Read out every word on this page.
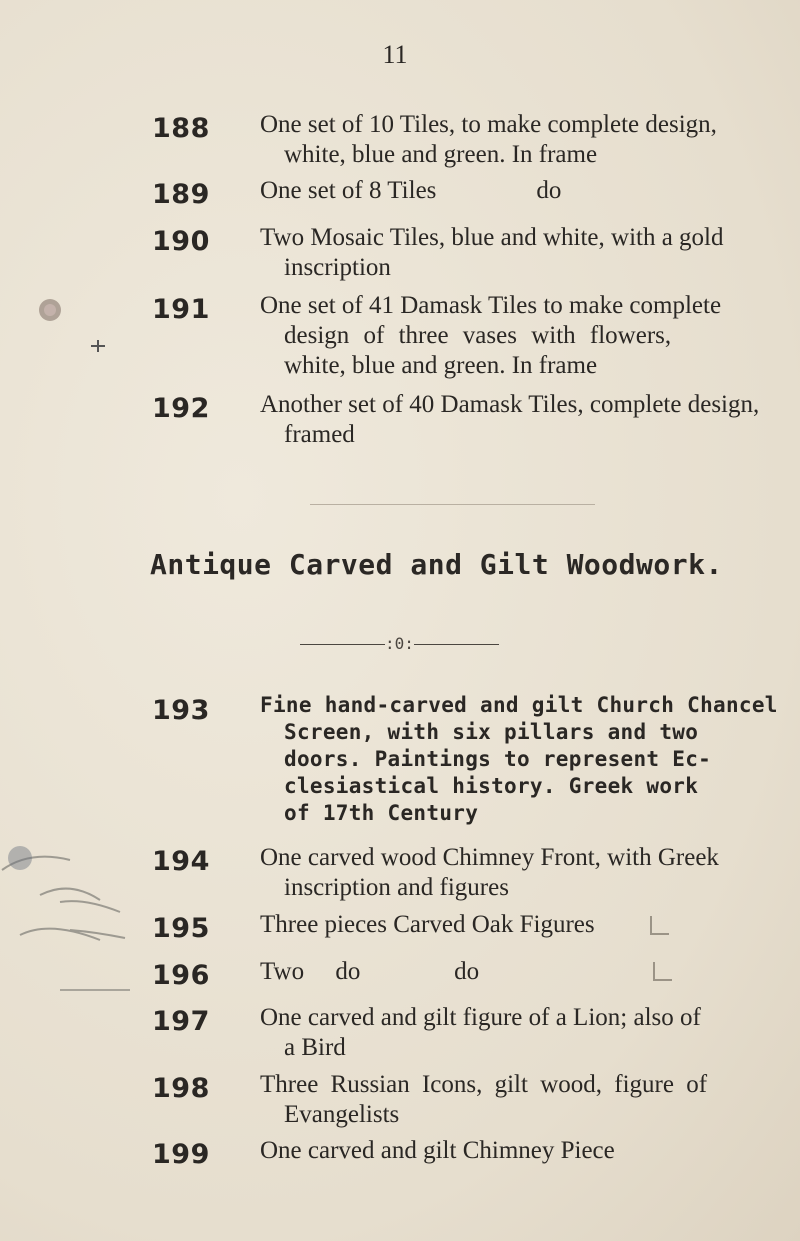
11
188	One set of 10 Tiles, to make complete design,
white, blue and green. In frame
189	One set of 8 Tiles                do
190	Two Mosaic Tiles, blue and white, with a gold
inscription
191	One set of 41 Damask Tiles to make complete
design of three vases with flowers,
white, blue and green. In frame
192	Another set of 40 Damask Tiles, complete design,
framed
Antique Carved and Gilt Woodwork.
:0:
193	Fine hand-carved and gilt Church Chancel
Screen, with six pillars and two
doors. Paintings to represent Ec-
clesiastical history. Greek work
of 17th Century
194	One carved wood Chimney Front, with Greek
inscription and figures
195	Three pieces Carved Oak Figures
196	Two     do               do
197	One carved and gilt figure of a Lion; also of
a Bird
198	Three Russian Icons, gilt wood, figure of
Evangelists
199	One carved and gilt Chimney Piece
